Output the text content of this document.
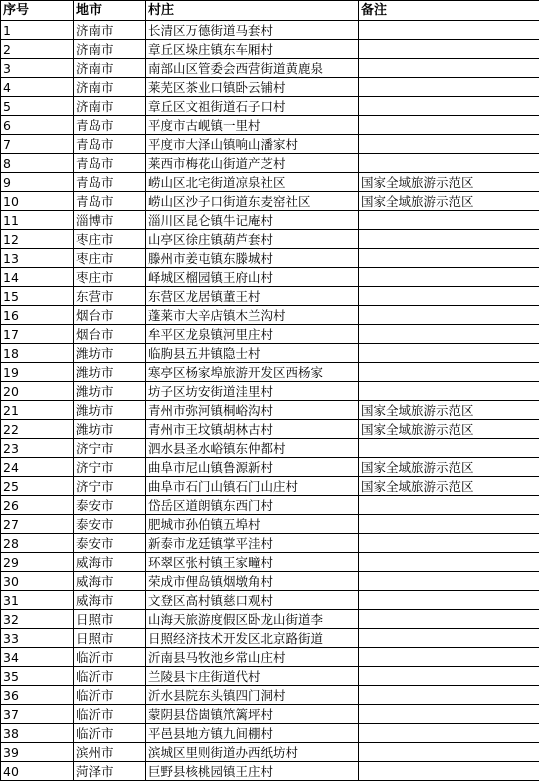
序号	地市	村庄	备注
1	济南市	长清区万德街道马套村	
2	济南市	章丘区垛庄镇东车厢村	
3	济南市	南部山区管委会西营街道黄鹿泉	
4	济南市	莱芜区茶业口镇卧云铺村	
5	济南市	章丘区文祖街道石子口村	
6	青岛市	平度市古岘镇一里村	
7	青岛市	平度市大泽山镇响山潘家村	
8	青岛市	莱西市梅花山街道产芝村	
9	青岛市	崂山区北宅街道凉泉社区	国家全域旅游示范区
10	青岛市	崂山区沙子口街道东麦窑社区	国家全域旅游示范区
11	淄博市	淄川区昆仑镇牛记庵村	
12	枣庄市	山亭区徐庄镇葫芦套村	
13	枣庄市	滕州市姜屯镇东滕城村	
14	枣庄市	峄城区榴园镇王府山村	
15	东营市	东营区龙居镇董王村	
16	烟台市	蓬莱市大辛店镇木兰沟村	
17	烟台市	牟平区龙泉镇河里庄村	
18	潍坊市	临朐县五井镇隐士村	
19	潍坊市	寒亭区杨家埠旅游开发区西杨家	
20	潍坊市	坊子区坊安街道洼里村	
21	潍坊市	青州市弥河镇桐峪沟村	国家全域旅游示范区
22	潍坊市	青州市王坟镇胡林古村	国家全域旅游示范区
23	济宁市	泗水县圣水峪镇东仲都村	
24	济宁市	曲阜市尼山镇鲁源新村	国家全域旅游示范区
25	济宁市	曲阜市石门山镇石门山庄村	国家全域旅游示范区
26	泰安市	岱岳区道朗镇东西门村	
27	泰安市	肥城市孙伯镇五埠村	
28	泰安市	新泰市龙廷镇掌平洼村	
29	威海市	环翠区张村镇王家疃村	
30	威海市	荣成市俚岛镇烟墩角村	
31	威海市	文登区高村镇慈口观村	
32	日照市	山海天旅游度假区卧龙山街道李	
33	日照市	日照经济技术开发区北京路街道	
34	临沂市	沂南县马牧池乡常山庄村	
35	临沂市	兰陵县卞庄街道代村	
36	临沂市	沂水县院东头镇四门洞村	
37	临沂市	蒙阴县岱崮镇笊篱坪村	
38	临沂市	平邑县地方镇九间棚村	
39	滨州市	滨城区里则街道办西纸坊村	
40	菏泽市	巨野县核桃园镇王庄村	
